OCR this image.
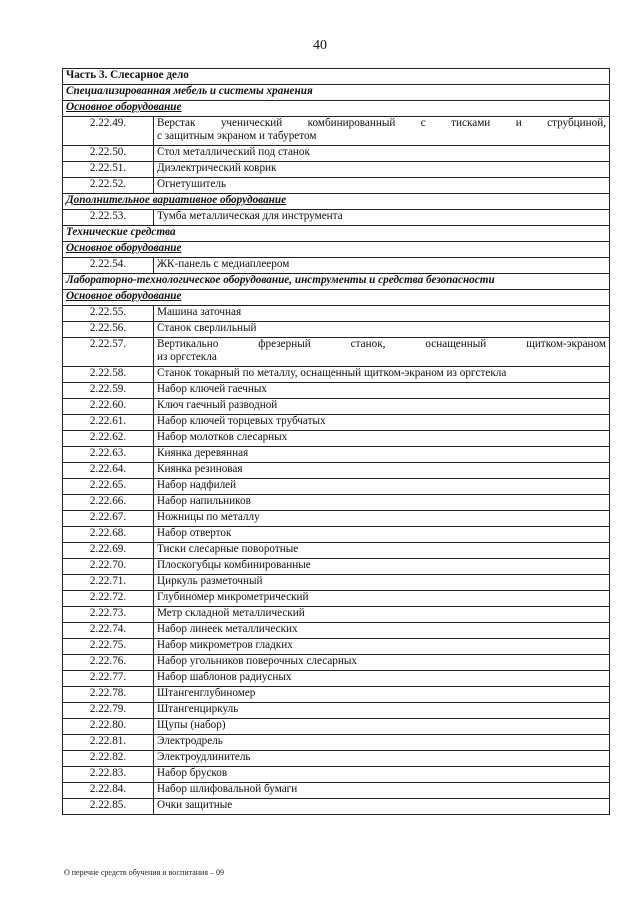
40
Часть 3. Слесарное дело	
Специализированная мебель и системы хранения	
Основное оборудование	
2.22.49.	Верстак ученический комбинированный с тисками и струбциной,
с защитным экраном и табуретом

2.22.50.	Стол металлический под станок
2.22.51.	Диэлектрический коврик
2.22.52.	Огнетушитель
Дополнительное вариативное оборудование	
2.22.53.	Тумба металлическая для инструмента
Технические средства	
Основное оборудование	
2.22.54.	ЖК-панель с медиаплеером
Лабораторно-технологическое оборудование, инструменты и средства безопасности	
Основное оборудование	
2.22.55.	Машина заточная
2.22.56.	Станок сверлильный
2.22.57.	Вертикально фрезерный станок, оснащенный щитком-экраном
из оргстекла

2.22.58.	Станок токарный по металлу, оснащенный щитком-экраном из оргстекла
2.22.59.	Набор ключей гаечных
2.22.60.	Ключ гаечный разводной
2.22.61.	Набор ключей торцевых трубчатых
2.22.62.	Набор молотков слесарных
2.22.63.	Киянка деревянная
2.22.64.	Киянка резиновая
2.22.65.	Набор надфилей
2.22.66.	Набор напильников
2.22.67.	Ножницы по металлу
2.22.68.	Набор отверток
2.22.69.	Тиски слесарные поворотные
2.22.70.	Плоскогубцы комбинированные
2.22.71.	Циркуль разметочный
2.22.72.	Глубиномер микрометрический
2.22.73.	Метр складной металлический
2.22.74.	Набор линеек металлических
2.22.75.	Набор микрометров гладких
2.22.76.	Набор угольников поверочных слесарных
2.22.77.	Набор шаблонов радиусных
2.22.78.	Штангенглубиномер
2.22.79.	Штангенциркуль
2.22.80.	Щупы (набор)
2.22.81.	Электродрель
2.22.82.	Электроудлинитель
2.22.83.	Набор брусков
2.22.84.	Набор шлифовальной бумаги
2.22.85.	Очки защитные
О перечне средств обучения и воспитания – 09
